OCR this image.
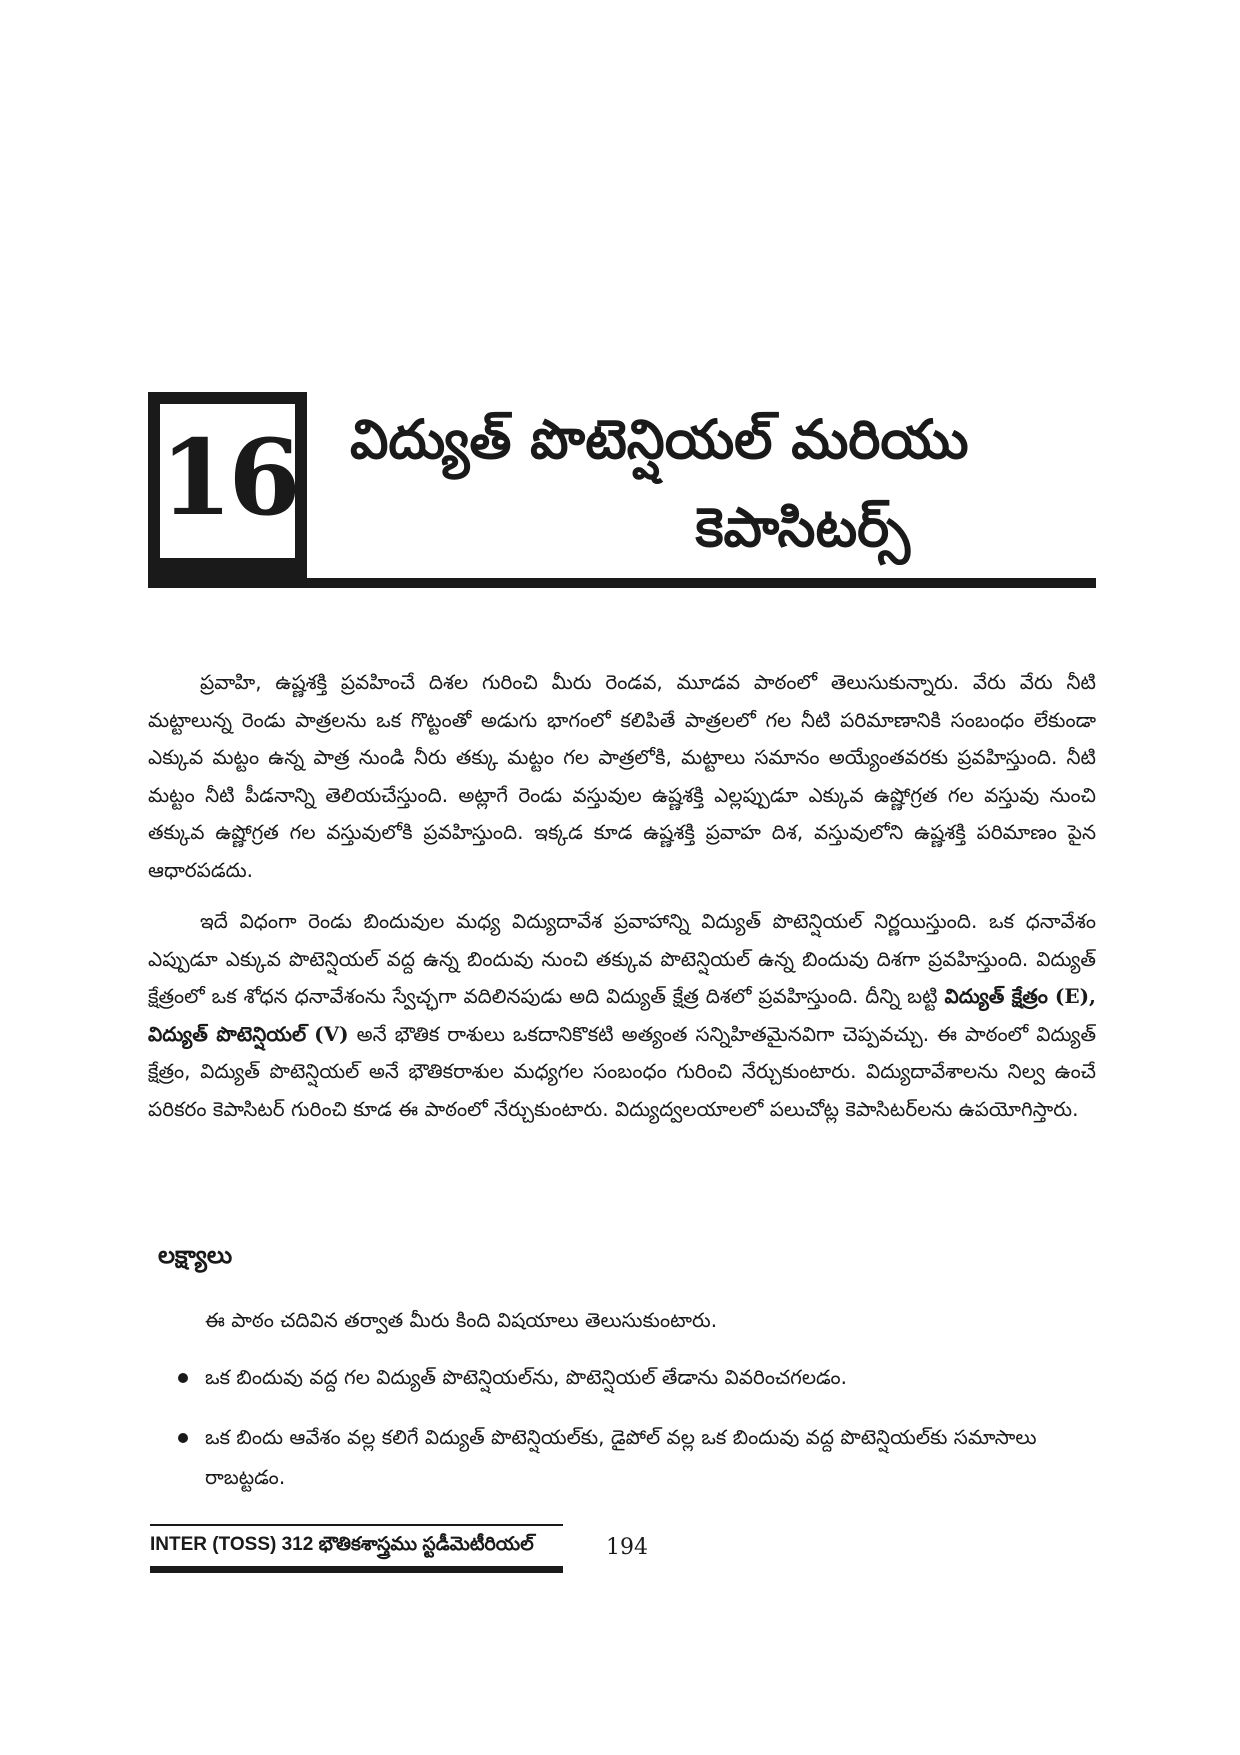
16 విద్యుత్ పొటెన్షియల్ మరియు
కెపాసిటర్స్

ప్రవాహి, ఉష్ణశక్తి ప్రవహించే దిశల గురించి మీరు రెండవ, మూడవ పాఠంలో తెలుసుకున్నారు. వేరు వేరు నీటి మట్టాలున్న రెండు పాత్రలను ఒక గొట్టంతో అడుగు భాగంలో కలిపితే పాత్రలలో గల నీటి పరిమాణానికి సంబంధం లేకుండా ఎక్కువ మట్టం ఉన్న పాత్ర నుండి నీరు తక్కు మట్టం గల పాత్రలోకి, మట్టాలు సమానం అయ్యేంతవరకు ప్రవహిస్తుంది. నీటి మట్టం నీటి పీడనాన్ని తెలియచేస్తుంది. అట్లాగే రెండు వస్తువుల ఉష్ణశక్తి ఎల్లప్పుడూ ఎక్కువ ఉష్ణోగ్రత గల వస్తువు నుంచి తక్కువ ఉష్ణోగ్రత గల వస్తువులోకి ప్రవహిస్తుంది. ఇక్కడ కూడ ఉష్ణశక్తి ప్రవాహ దిశ, వస్తువులోని ఉష్ణశక్తి పరిమాణం పైన ఆధారపడదు.

ఇదే విధంగా రెండు బిందువుల మధ్య విద్యుదావేశ ప్రవాహాన్ని విద్యుత్ పొటెన్షియల్ నిర్ణయిస్తుంది. ఒక ధనావేశం ఎప్పుడూ ఎక్కువ పొటెన్షియల్ వద్ద ఉన్న బిందువు నుంచి తక్కువ పొటెన్షియల్ ఉన్న బిందువు దిశగా ప్రవహిస్తుంది. విద్యుత్ క్షేత్రంలో ఒక శోధన ధనావేశంను స్వేచ్ఛగా వదిలినపుడు అది విద్యుత్ క్షేత్ర దిశలో ప్రవహిస్తుంది. దీన్ని బట్టి విద్యుత్ క్షేత్రం (E), విద్యుత్ పొటెన్షియల్ (V) అనే భౌతిక రాశులు ఒకదానికొకటి అత్యంత సన్నిహితమైనవిగా చెప్పవచ్చు. ఈ పాఠంలో విద్యుత్ క్షేత్రం, విద్యుత్ పొటెన్షియల్ అనే భౌతికరాశుల మధ్యగల సంబంధం గురించి నేర్చుకుంటారు. విద్యుదావేశాలను నిల్వ ఉంచే పరికరం కెపాసిటర్ గురించి కూడ ఈ పాఠంలో నేర్చుకుంటారు. విద్యుద్వలయాలలో పలుచోట్ల కెపాసిటర్‌లను ఉపయోగిస్తారు.

లక్ష్యాలు
ఈ పాఠం చదివిన తర్వాత మీరు కింది విషయాలు తెలుసుకుంటారు.
ఒక బిందువు వద్ద గల విద్యుత్ పొటెన్షియల్‌ను, పొటెన్షియల్ తేడాను వివరించగలడం.
ఒక బిందు ఆవేశం వల్ల కలిగే విద్యుత్ పొటెన్షియల్‌కు, డైపోల్ వల్ల ఒక బిందువు వద్ద పొటెన్షియల్‌కు సమాసాలు రాబట్టడం.
INTER (TOSS) 312 భౌతికశాస్త్రము స్టడీమెటీరియల్	194
